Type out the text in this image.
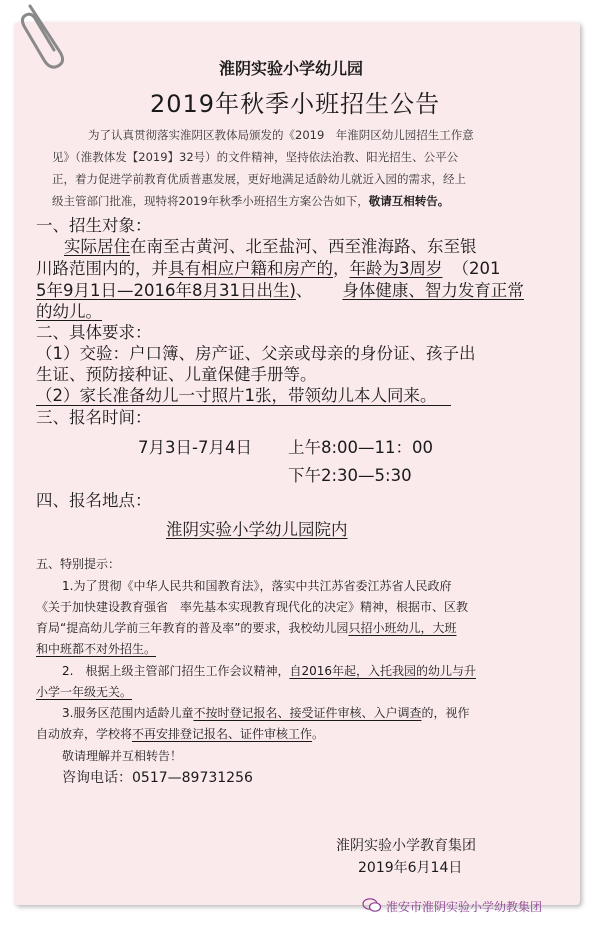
淮阴实验小学幼儿园
2019年秋季小班招生公告
为了认真贯彻落实淮阴区教体局颁发的《2019　年淮阴区幼儿园招生工作意
见》（淮教体发【2019】32号）的文件精神，坚持依法治教、阳光招生、公平公
正，着力促进学前教育优质普惠发展，更好地满足适龄幼儿就近入园的需求，经上
级主管部门批准，现特将2019年秋季小班招生方案公告如下，敬请互相转告。
一、招生对象：
实际居住在南至古黄河、北至盐河、西至淮海路、东至银
川路范围内的，并具有相应户籍和房产的，年龄为3周岁 （201
5年9月1日—2016年8月31日出生)、 身体健康、智力发育正常
的幼儿。
二、具体要求：
（1）交验：户口簿、房产证、父亲或母亲的身份证、孩子出
生证、预防接种证、儿童保健手册等。
（2）家长准备幼儿一寸照片1张，带领幼儿本人同来。
三、报名时间：
7月3日-7月4日 上午8:00—11：00
下午2:30—5:30
四、报名地点：
淮阴实验小学幼儿园院内
五、特别提示：
1.为了贯彻《中华人民共和国教育法》，落实中共江苏省委江苏省人民政府
《关于加快建设教育强省　率先基本实现教育现代化的决定》精神，根据市、区教
育局“提高幼儿学前三年教育的普及率”的要求，我校幼儿园只招小班幼儿，大班
和中班都不对外招生。
2.　根据上级主管部门招生工作会议精神，自2016年起，入托我园的幼儿与升
小学一年级无关。
3.服务区范围内适龄儿童不按时登记报名、接受证件审核、入户调查的，视作
自动放弃，学校将不再安排登记报名、证件审核工作。
敬请理解并互相转告！
咨询电话：0517—89731256
淮阴实验小学教育集团
2019年6月14日
淮安市淮阴实验小学幼教集团
